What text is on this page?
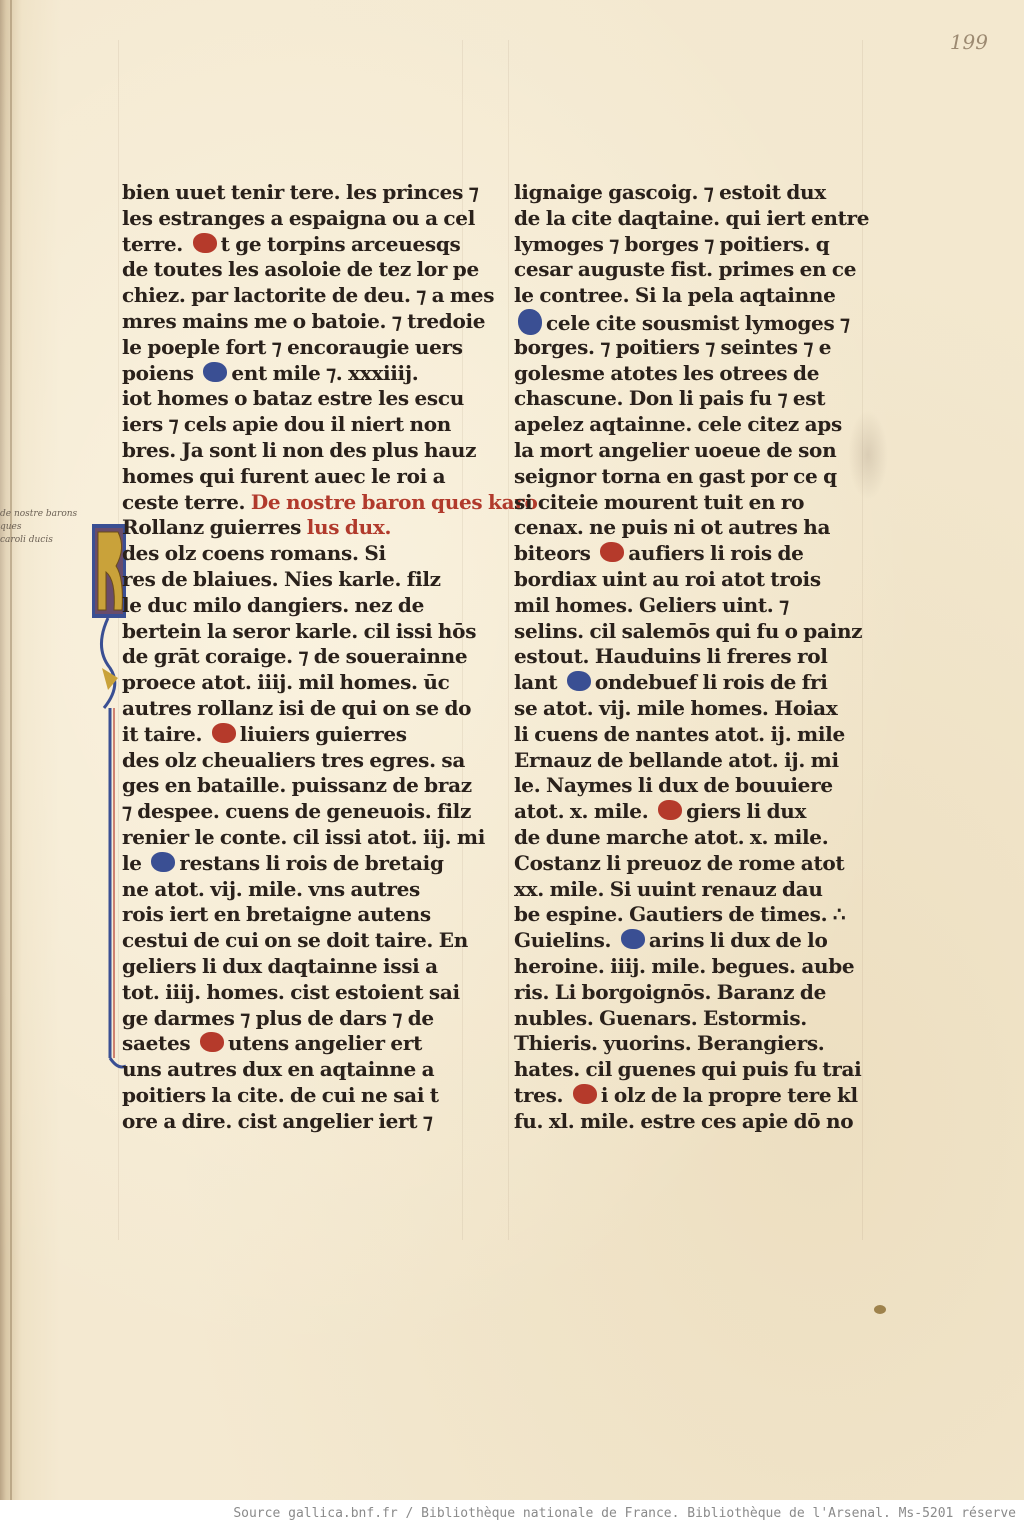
199
de nostre barons ques
caroli ducis
bien uuet tenir tere. les princes ⁊
les estranges a espaigna ou a cel
terre. t ge torpins arceuesqs
de toutes les asoloie de tez lor pe
chiez. par lactorite de deu. ⁊ a mes
mres mains me o batoie. ⁊ tredoie
le poeple fort ⁊ encoraugie uers
poiens ent mile ⁊. xxxiiij.
iot homes o bataz estre les escu
iers ⁊ cels apie dou il niert non
bres. Ja sont li non des plus hauz
homes qui furent auec le roi a
ceste terre. De nostre baron ques karo
Rollanz guierres lus dux.
des olz coens romans. Si
res de blaiues. Nies karle. filz
le duc milo dangiers. nez de
bertein la seror karle. cil issi hōs
de grāt coraige. ⁊ de souerainne
proece atot. iiij. mil homes. ūc
autres rollanz isi de qui on se do
it taire. liuiers guierres
des olz cheualiers tres egres. sa
ges en bataille. puissanz de braz
⁊ despee. cuens de geneuois. filz
renier le conte. cil issi atot. iij. mi
le restans li rois de bretaig
ne atot. vij. mile. vns autres
rois iert en bretaigne autens
cestui de cui on se doit taire. En
geliers li dux daqtainne issi a
tot. iiij. homes. cist estoient sai
ge darmes ⁊ plus de dars ⁊ de
saetes utens angelier ert
uns autres dux en aqtainne a
poitiers la cite. de cui ne sai t
ore a dire. cist angelier iert ⁊
lignaige gascoig. ⁊ estoit dux
de la cite daqtaine. qui iert entre
lymoges ⁊ borges ⁊ poitiers. q
cesar auguste fist. primes en ce
le contree. Si la pela aqtainne
cele cite sousmist lymoges ⁊
borges. ⁊ poitiers ⁊ seintes ⁊ e
golesme atotes les otrees de
chascune. Don li pais fu ⁊ est
apelez aqtainne. cele citez aps
la mort angelier uoeue de son
seignor torna en gast por ce q
si citeie mourent tuit en ro
cenax. ne puis ni ot autres ha
biteors aufiers li rois de
bordiax uint au roi atot trois
mil homes. Geliers uint. ⁊
selins. cil salemōs qui fu o painz
estout. Hauduins li freres rol
lant ondebuef li rois de fri
se atot. vij. mile homes. Hoiax
li cuens de nantes atot. ij. mile
Ernauz de bellande atot. ij. mi
le. Naymes li dux de bouuiere
atot. x. mile. giers li dux
de dune marche atot. x. mile.
Costanz li preuoz de rome atot
xx. mile. Si uuint renauz dau
be espine. Gautiers de times. ∴
Guielins. arins li dux de lo
heroine. iiij. mile. begues. aube
ris. Li borgoignōs. Baranz de
nubles. Guenars. Estormis.
Thieris. yuorins. Berangiers.
hates. cil guenes qui puis fu trai
tres. i olz de la propre tere kl
fu. xl. mile. estre ces apie dō no
Source gallica.bnf.fr / Bibliothèque nationale de France. Bibliothèque de l'Arsenal. Ms-5201 réserve
